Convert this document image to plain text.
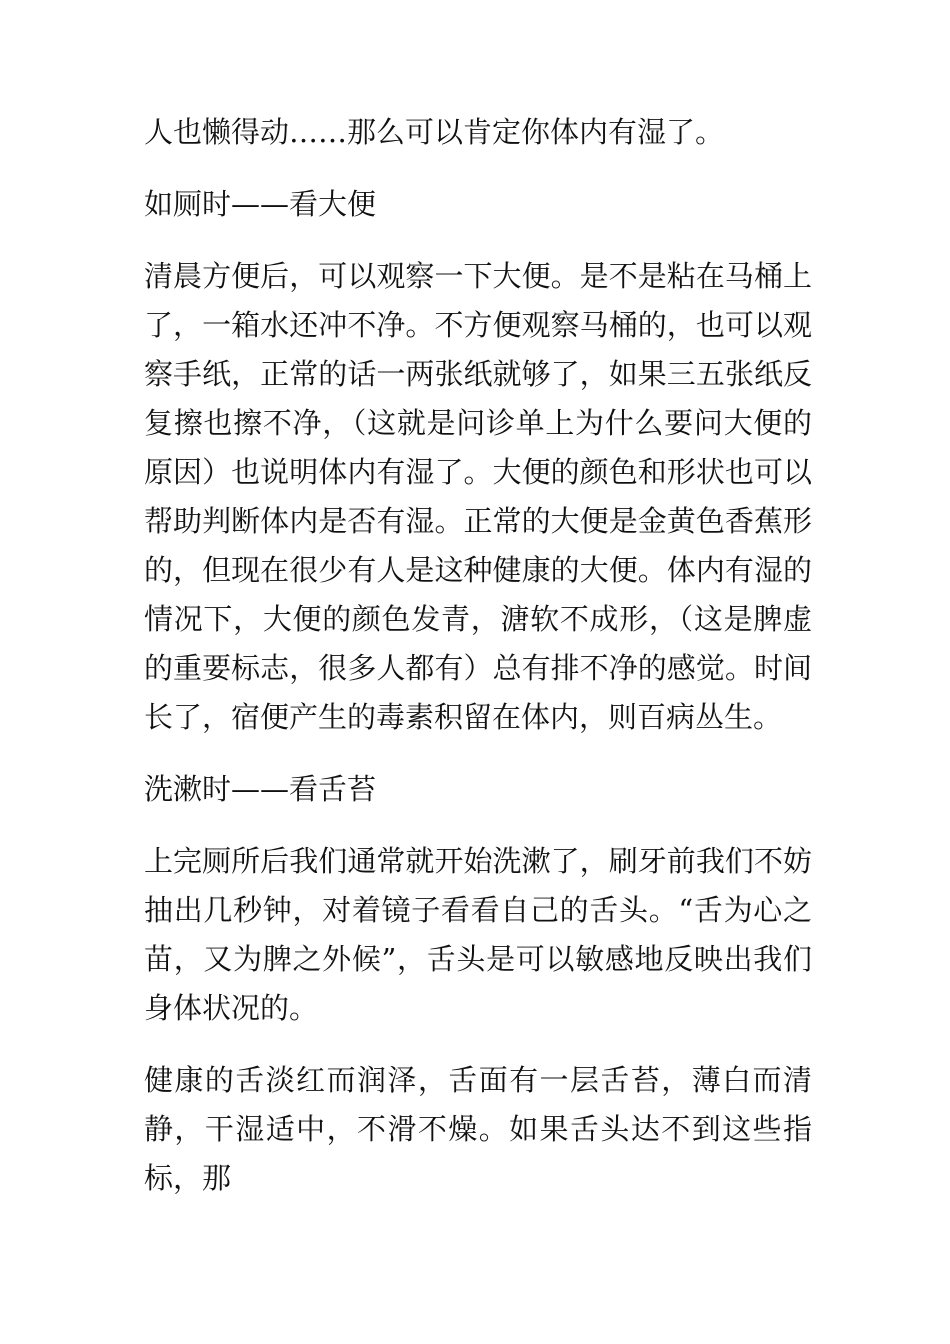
人也懒得动……那么可以肯定你体内有湿了。

如厕时——看大便

清晨方便后，可以观察一下大便。是不是粘在马桶上了，一箱水还冲不净。不方便观察马桶的，也可以观察手纸，正常的话一两张纸就够了，如果三五张纸反复擦也擦不净，（这就是问诊单上为什么要问大便的原因）也说明体内有湿了。大便的颜色和形状也可以帮助判断体内是否有湿。正常的大便是金黄色香蕉形的，但现在很少有人是这种健康的大便。体内有湿的情况下，大便的颜色发青，溏软不成形，（这是脾虚的重要标志，很多人都有）总有排不净的感觉。时间长了，宿便产生的毒素积留在体内，则百病丛生。

洗漱时——看舌苔

上完厕所后我们通常就开始洗漱了，刷牙前我们不妨抽出几秒钟，对着镜子看看自己的舌头。“舌为心之苗，又为脾之外候”，舌头是可以敏感地反映出我们身体状况的。

健康的舌淡红而润泽，舌面有一层舌苔，薄白而清静，干湿适中，不滑不燥。如果舌头达不到这些指标，那
